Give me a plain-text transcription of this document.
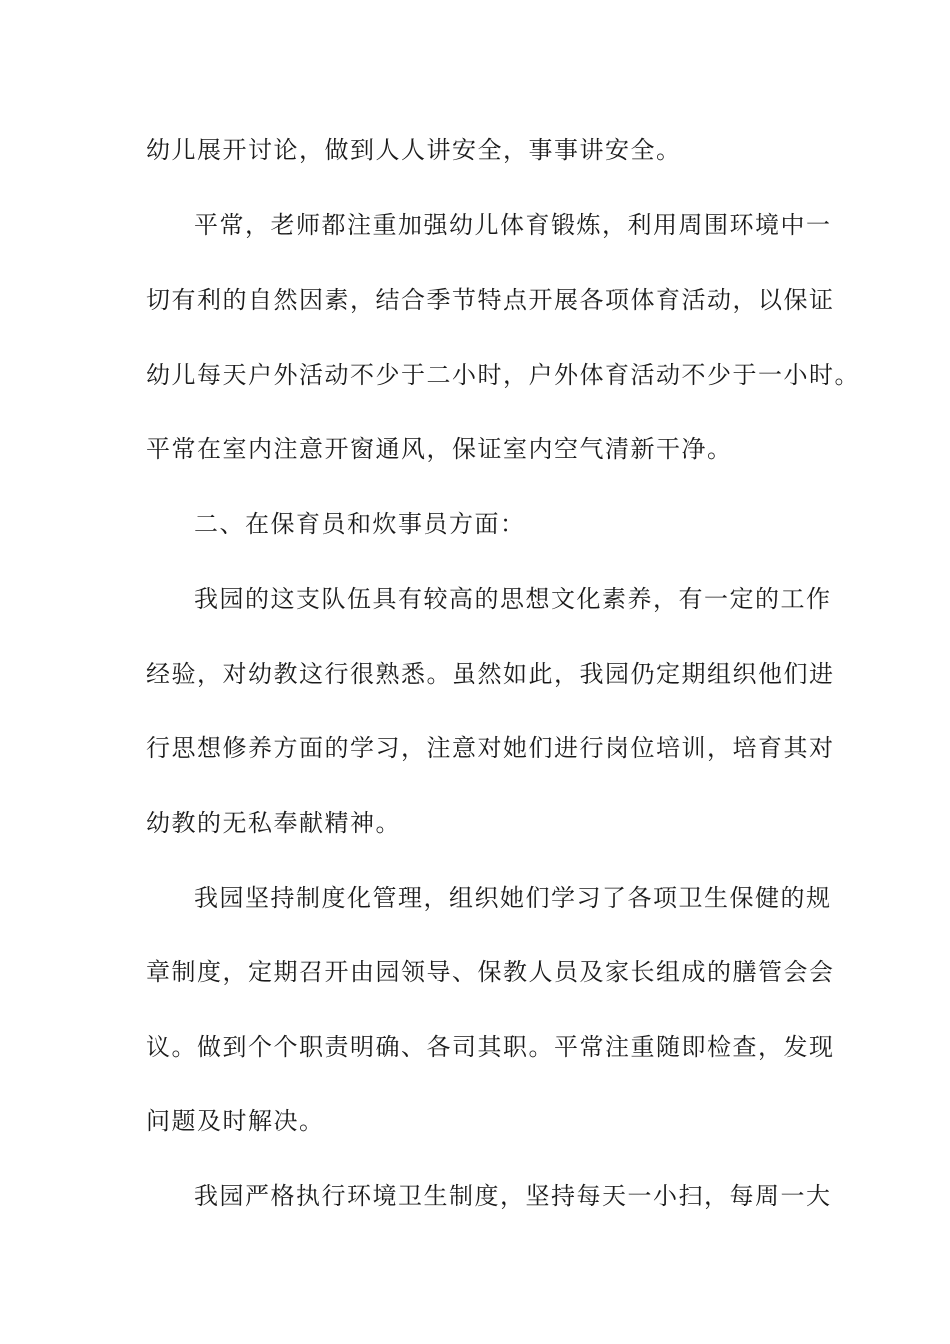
幼儿展开讨论，做到人人讲安全，事事讲安全。
平常，老师都注重加强幼儿体育锻炼，利用周围环境中一
切有利的自然因素，结合季节特点开展各项体育活动，以保证
幼儿每天户外活动不少于二小时，户外体育活动不少于一小时。
平常在室内注意开窗通风，保证室内空气清新干净。
二、在保育员和炊事员方面：
我园的这支队伍具有较高的思想文化素养，有一定的工作
经验，对幼教这行很熟悉。虽然如此，我园仍定期组织他们进
行思想修养方面的学习，注意对她们进行岗位培训，培育其对
幼教的无私奉献精神。
我园坚持制度化管理，组织她们学习了各项卫生保健的规
章制度，定期召开由园领导、保教人员及家长组成的膳管会会
议。做到个个职责明确、各司其职。平常注重随即检查，发现
问题及时解决。
我园严格执行环境卫生制度，坚持每天一小扫，每周一大
